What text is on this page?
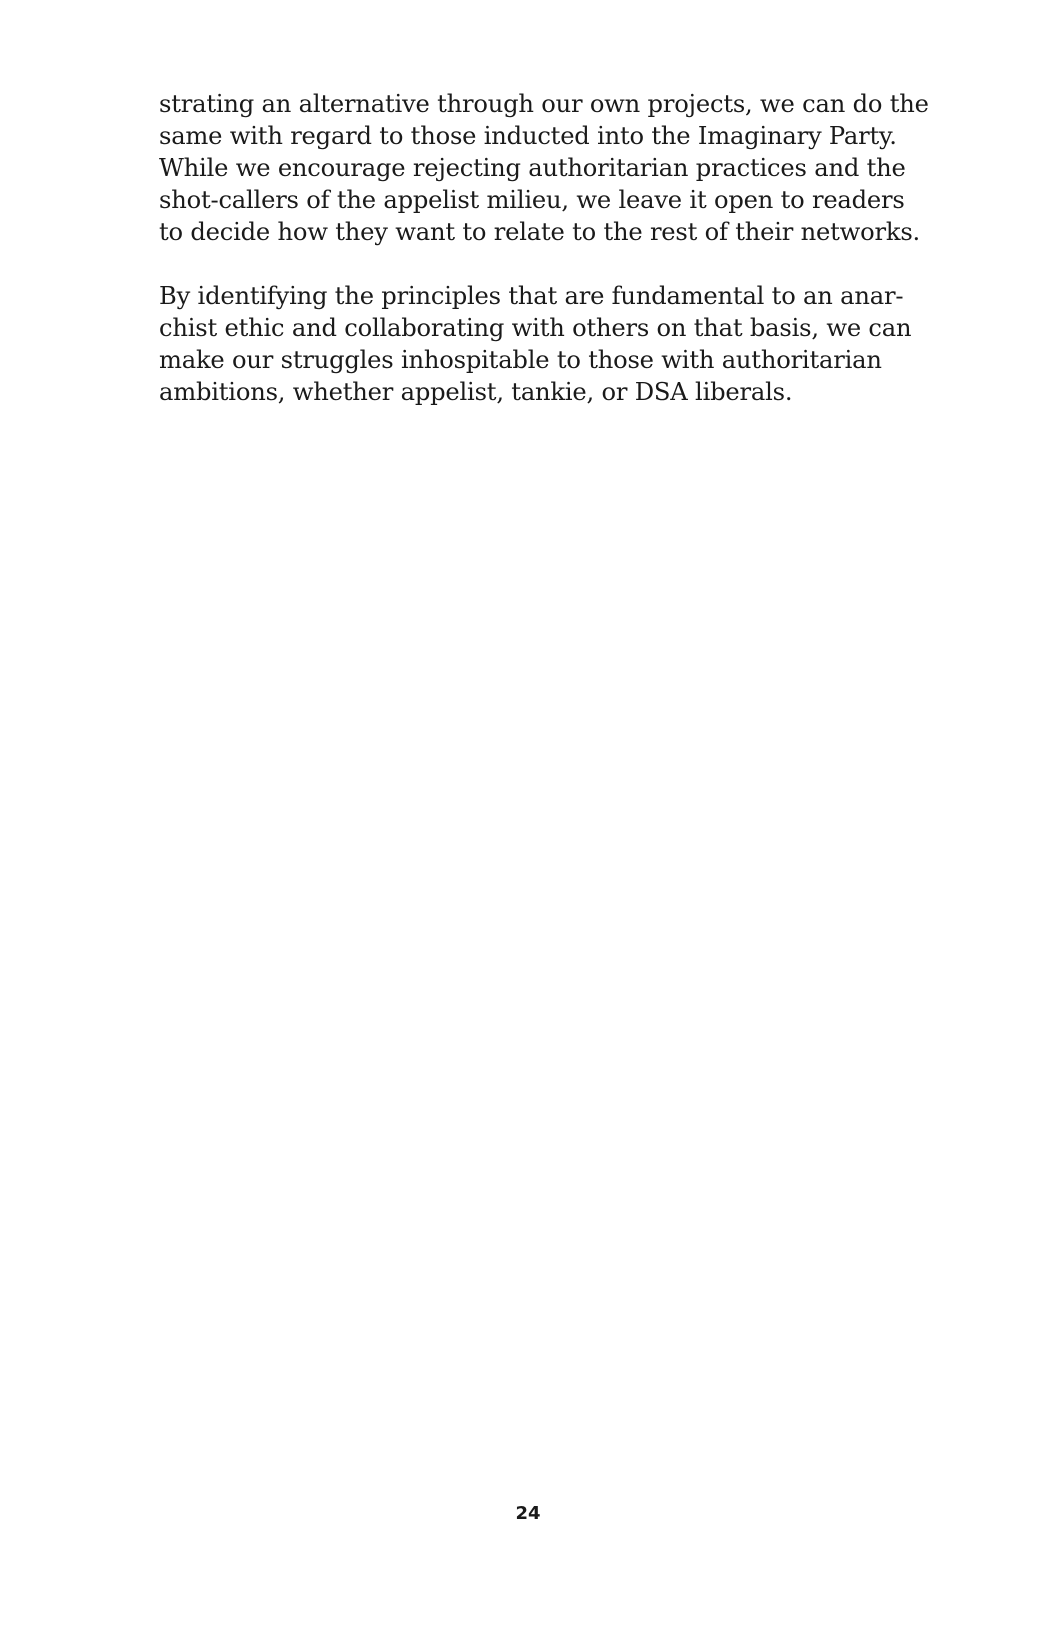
strating an alternative through our own projects, we can do the
same with regard to those inducted into the Imaginary Party.
While we encourage rejecting authoritarian practices and the
shot-callers of the appelist milieu, we leave it open to readers
to decide how they want to relate to the rest of their networks.

By identifying the principles that are fundamental to an anar-
chist ethic and collaborating with others on that basis, we can
make our struggles inhospitable to those with authoritarian
ambitions, whether appelist, tankie, or DSA liberals.

24
